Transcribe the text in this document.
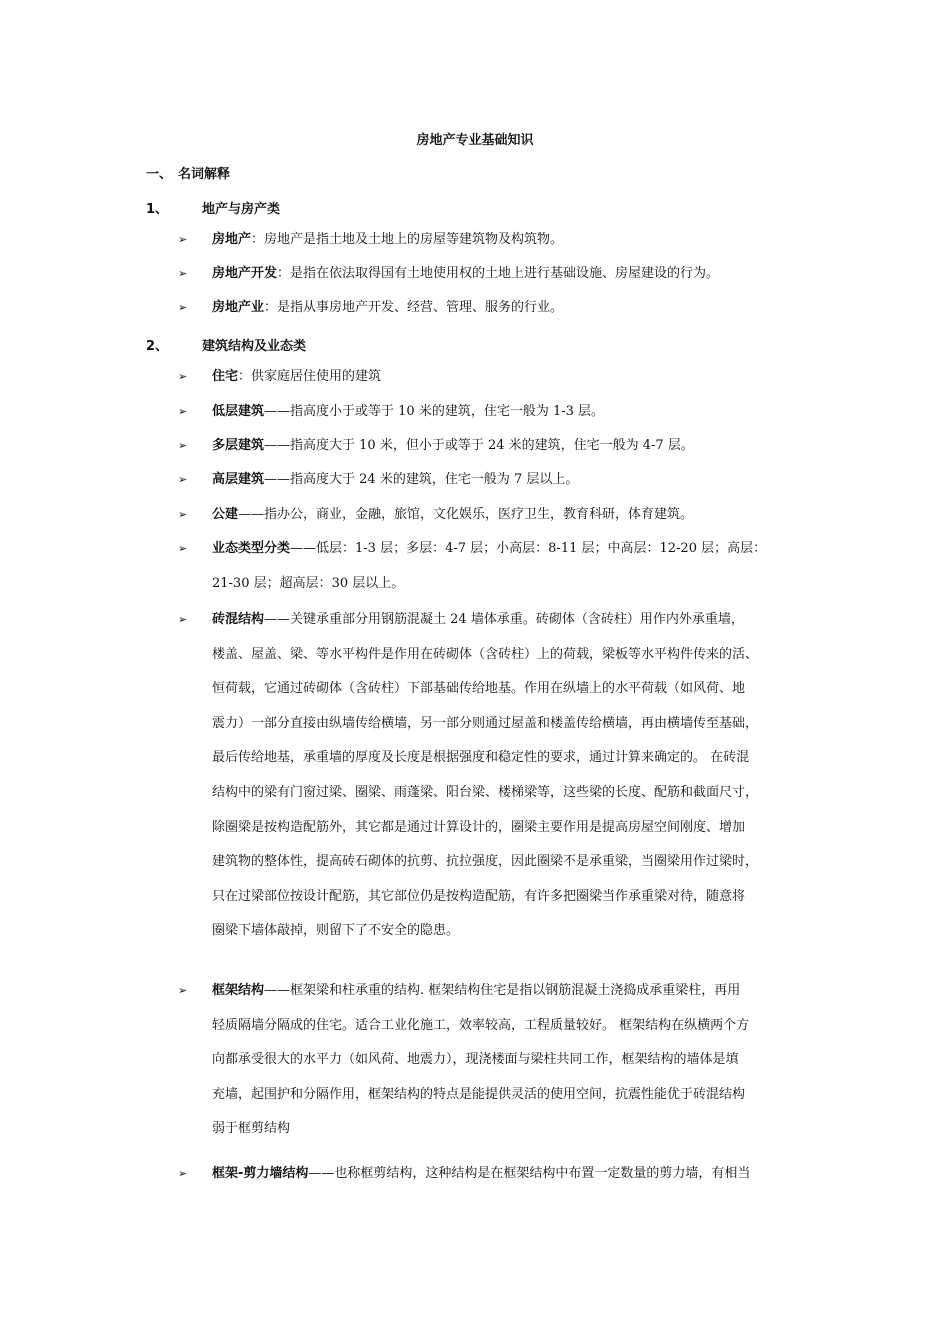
房地产专业基础知识
一、 名词解释
1、	地产与房产类
➢	房地产：房地产是指土地及土地上的房屋等建筑物及构筑物。
➢	房地产开发：是指在依法取得国有土地使用权的土地上进行基础设施、房屋建设的行为。
➢	房地产业：是指从事房地产开发、经营、管理、服务的行业。
2、	建筑结构及业态类
➢	住宅：供家庭居住使用的建筑
➢	低层建筑——指高度小于或等于 10 米的建筑，住宅一般为 1-3 层。
➢	多层建筑——指高度大于 10 米，但小于或等于 24 米的建筑，住宅一般为 4-7 层。
➢	高层建筑——指高度大于 24 米的建筑，住宅一般为 7 层以上。
➢	公建——指办公，商业，金融，旅馆，文化娱乐，医疗卫生，教育科研，体育建筑。
➢	业态类型分类——低层：1-3 层；多层：4-7 层；小高层：8-11 层；中高层：12-20 层；高层：
21-30 层；超高层：30 层以上。
➢	砖混结构——关键承重部分用钢筋混凝土 24 墙体承重。砖砌体（含砖柱）用作内外承重墙，
楼盖、屋盖、梁、等水平构件是作用在砖砌体（含砖柱）上的荷载，梁板等水平构件传来的活、
恒荷载，它通过砖砌体（含砖柱）下部基础传给地基。作用在纵墙上的水平荷载（如风荷、地
震力）一部分直接由纵墙传给横墙，另一部分则通过屋盖和楼盖传给横墙，再由横墙传至基础，
最后传给地基，承重墙的厚度及长度是根据强度和稳定性的要求，通过计算来确定的。 在砖混
结构中的梁有门窗过梁、圈梁、雨蓬梁、阳台梁、楼梯梁等，这些梁的长度、配筋和截面尺寸，
除圈梁是按构造配筋外，其它都是通过计算设计的，圈梁主要作用是提高房屋空间刚度、增加
建筑物的整体性，提高砖石砌体的抗剪、抗拉强度，因此圈梁不是承重梁，当圈梁用作过梁时，
只在过梁部位按设计配筋，其它部位仍是按构造配筋，有许多把圈梁当作承重梁对待，随意将
圈梁下墙体敲掉，则留下了不安全的隐患。
➢	框架结构——框架梁和柱承重的结构. 框架结构住宅是指以钢筋混凝土浇捣成承重梁柱，再用
轻质隔墙分隔成的住宅。适合工业化施工，效率较高，工程质量较好。 框架结构在纵横两个方
向都承受很大的水平力（如风荷、地震力），现浇楼面与梁柱共同工作，框架结构的墙体是填
充墙，起围护和分隔作用，框架结构的特点是能提供灵活的使用空间，抗震性能优于砖混结构
弱于框剪结构
➢	框架-剪力墙结构——也称框剪结构，这种结构是在框架结构中布置一定数量的剪力墙，有相当
